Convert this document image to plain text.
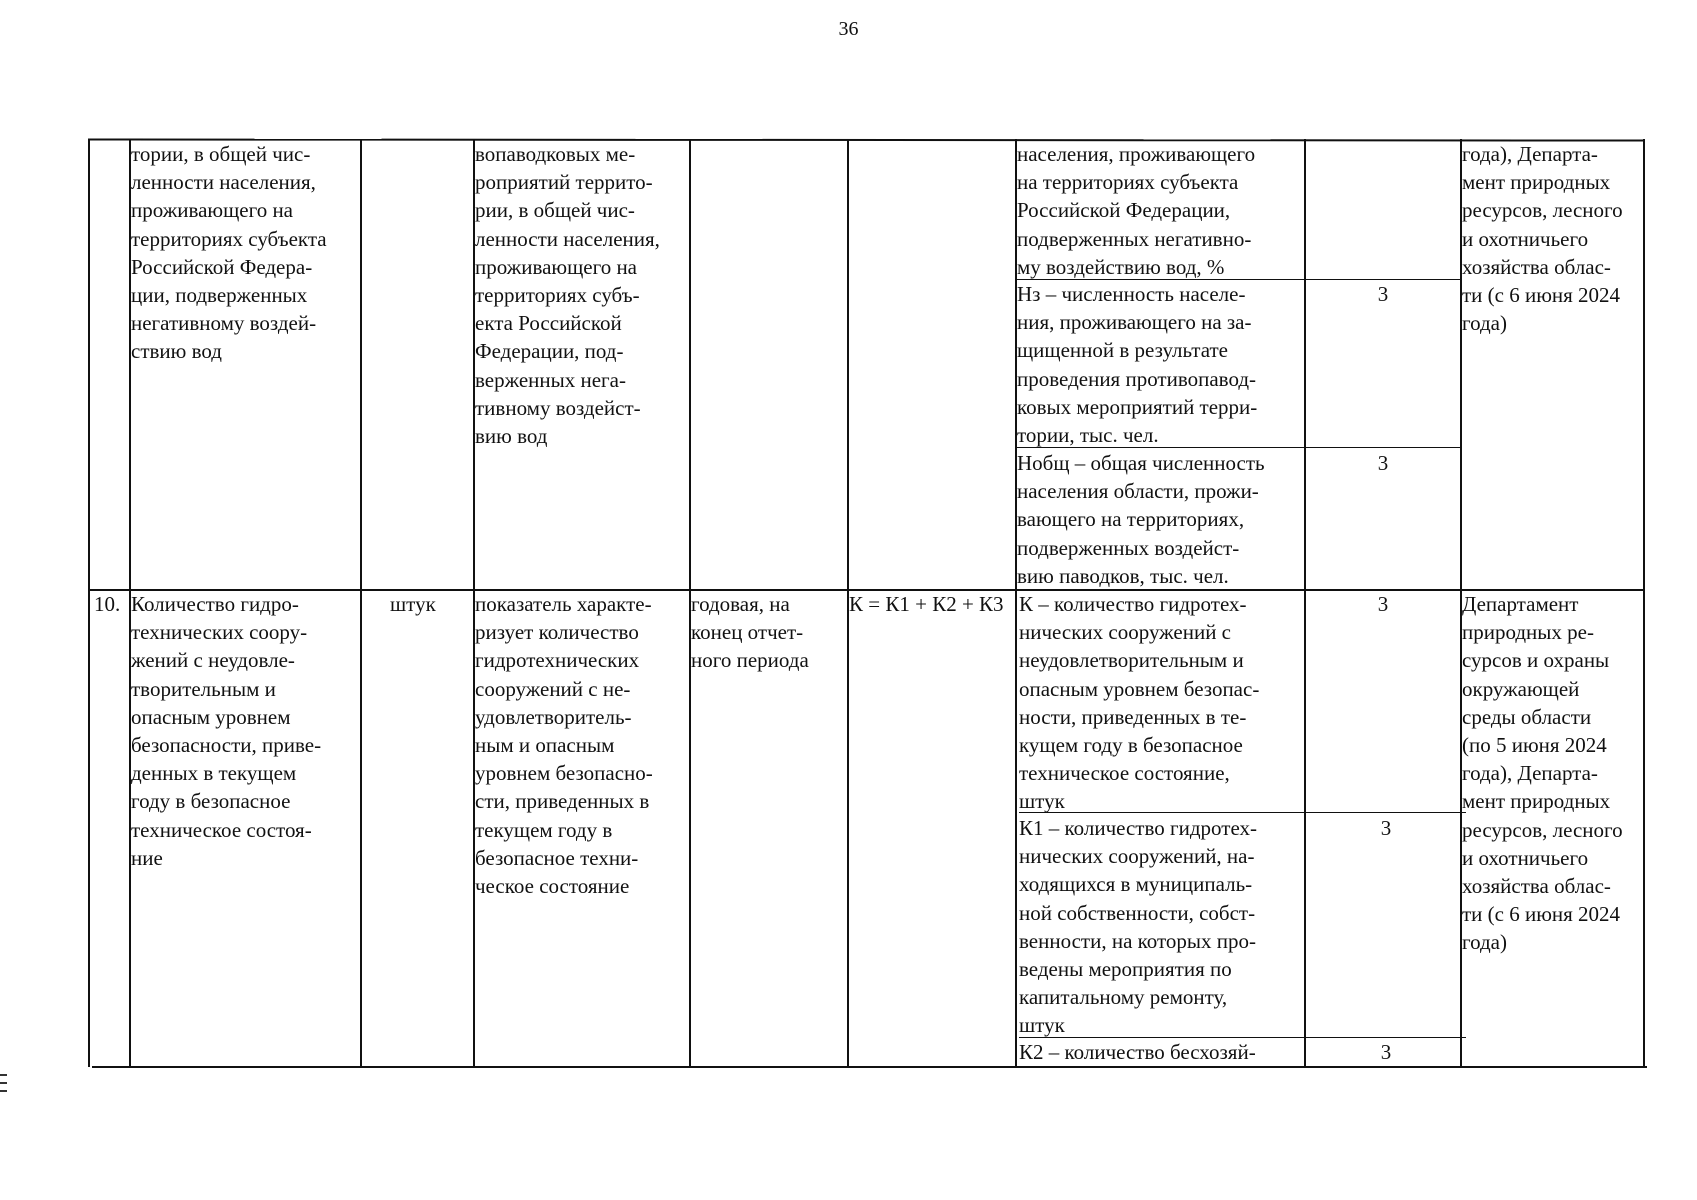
36

тории, в общей чис-
ленности населения,
проживающего на
территориях субъекта
Российской Федера-
ции, подверженных
негативному воздей-
ствию вод

вопаводковых ме-
роприятий террито-
рии, в общей чис-
ленности населения,
проживающего на
территориях субъ-
екта Российской
Федерации, под-
верженных нега-
тивному воздейст-
вию вод

населения, проживающего
на территориях субъекта
Российской Федерации,
подверженных негативно-
му воздействию вод, %

Нз – численность населе-
ния, проживающего на за-
щищенной в результате
проведения противопавод-
ковых мероприятий терри-
тории, тыс. чел.

3

Нобщ – общая численность
населения области, прожи-
вающего на территориях,
подверженных воздейст-
вию паводков, тыс. чел.

3

года), Департа-
мент природных
ресурсов, лесного
и охотничьего
хозяйства облас-
ти (с 6 июня 2024
года)

10. Количество гидро-
технических соору-
жений с неудовле-
творительным и
опасным уровнем
безопасности, приве-
денных в текущем
году в безопасное
техническое состоя-
ние

штук показатель характе-
ризует количество
гидротехнических
сооружений с не-
удовлетворитель-
ным и опасным
уровнем безопасно-
сти, приведенных в
текущем году в
безопасное техни-
ческое состояние

годовая, на
конец отчет-
ного периода

К = К1 + К2 + К3 К – количество гидротех-
нических сооружений с
неудовлетворительным и
опасным уровнем безопас-
ности, приведенных в те-
кущем году в безопасное
техническое состояние,
штук

3

К1 – количество гидротех-
нических сооружений, на-
ходящихся в муниципаль-
ной собственности, собст-
венности, на которых про-
ведены мероприятия по
капитальному ремонту,
штук

3

К2 – количество бесхозяй-	3

Департамент
природных ре-
сурсов и охраны
окружающей
среды области
(по 5 июня 2024
года), Департа-
мент природных
ресурсов, лесного
и охотничьего
хозяйства облас-
ти (с 6 июня 2024
года)
